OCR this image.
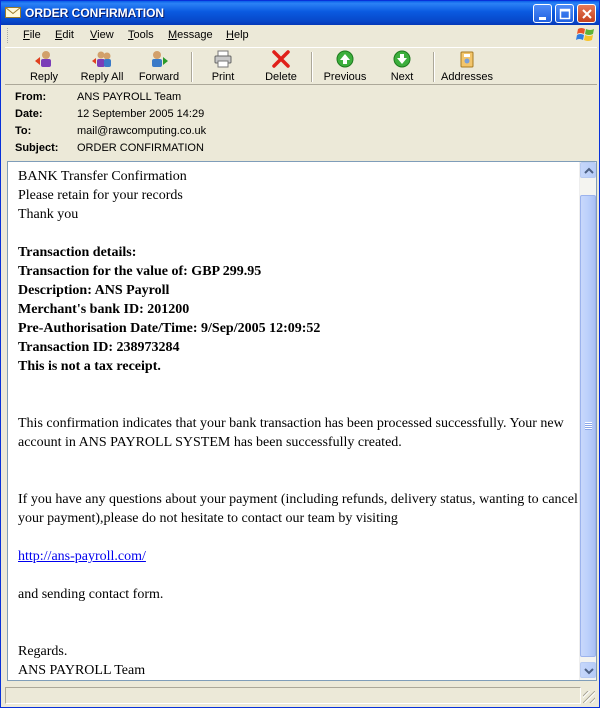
ORDER CONFIRMATION
File Edit View Tools Message Help
Reply	Reply All	Forward	Print	Delete	Previous	Next	Addresses
From:	ANS PAYROLL Team
Date:	12 September 2005 14:29
To:	mail@rawcomputing.co.uk
Subject:	ORDER CONFIRMATION

BANK Transfer Confirmation

Please retain for your records

Thank you

Transaction details:

Transaction for the value of: GBP 299.95

Description: ANS Payroll

Merchant's bank ID: 201200

Pre-Authorisation Date/Time: 9/Sep/2005 12:09:52

Transaction ID: 238973284

This is not a tax receipt.

This confirmation indicates that your bank transaction has been processed successfully. Your new account in ANS PAYROLL SYSTEM has been successfully created.

If you have any questions about your payment (including refunds, delivery status, wanting to cancel your payment),please do not hesitate to contact our team by visiting

http://ans-payroll.com/

and sending contact form.

Regards.

ANS PAYROLL Team
